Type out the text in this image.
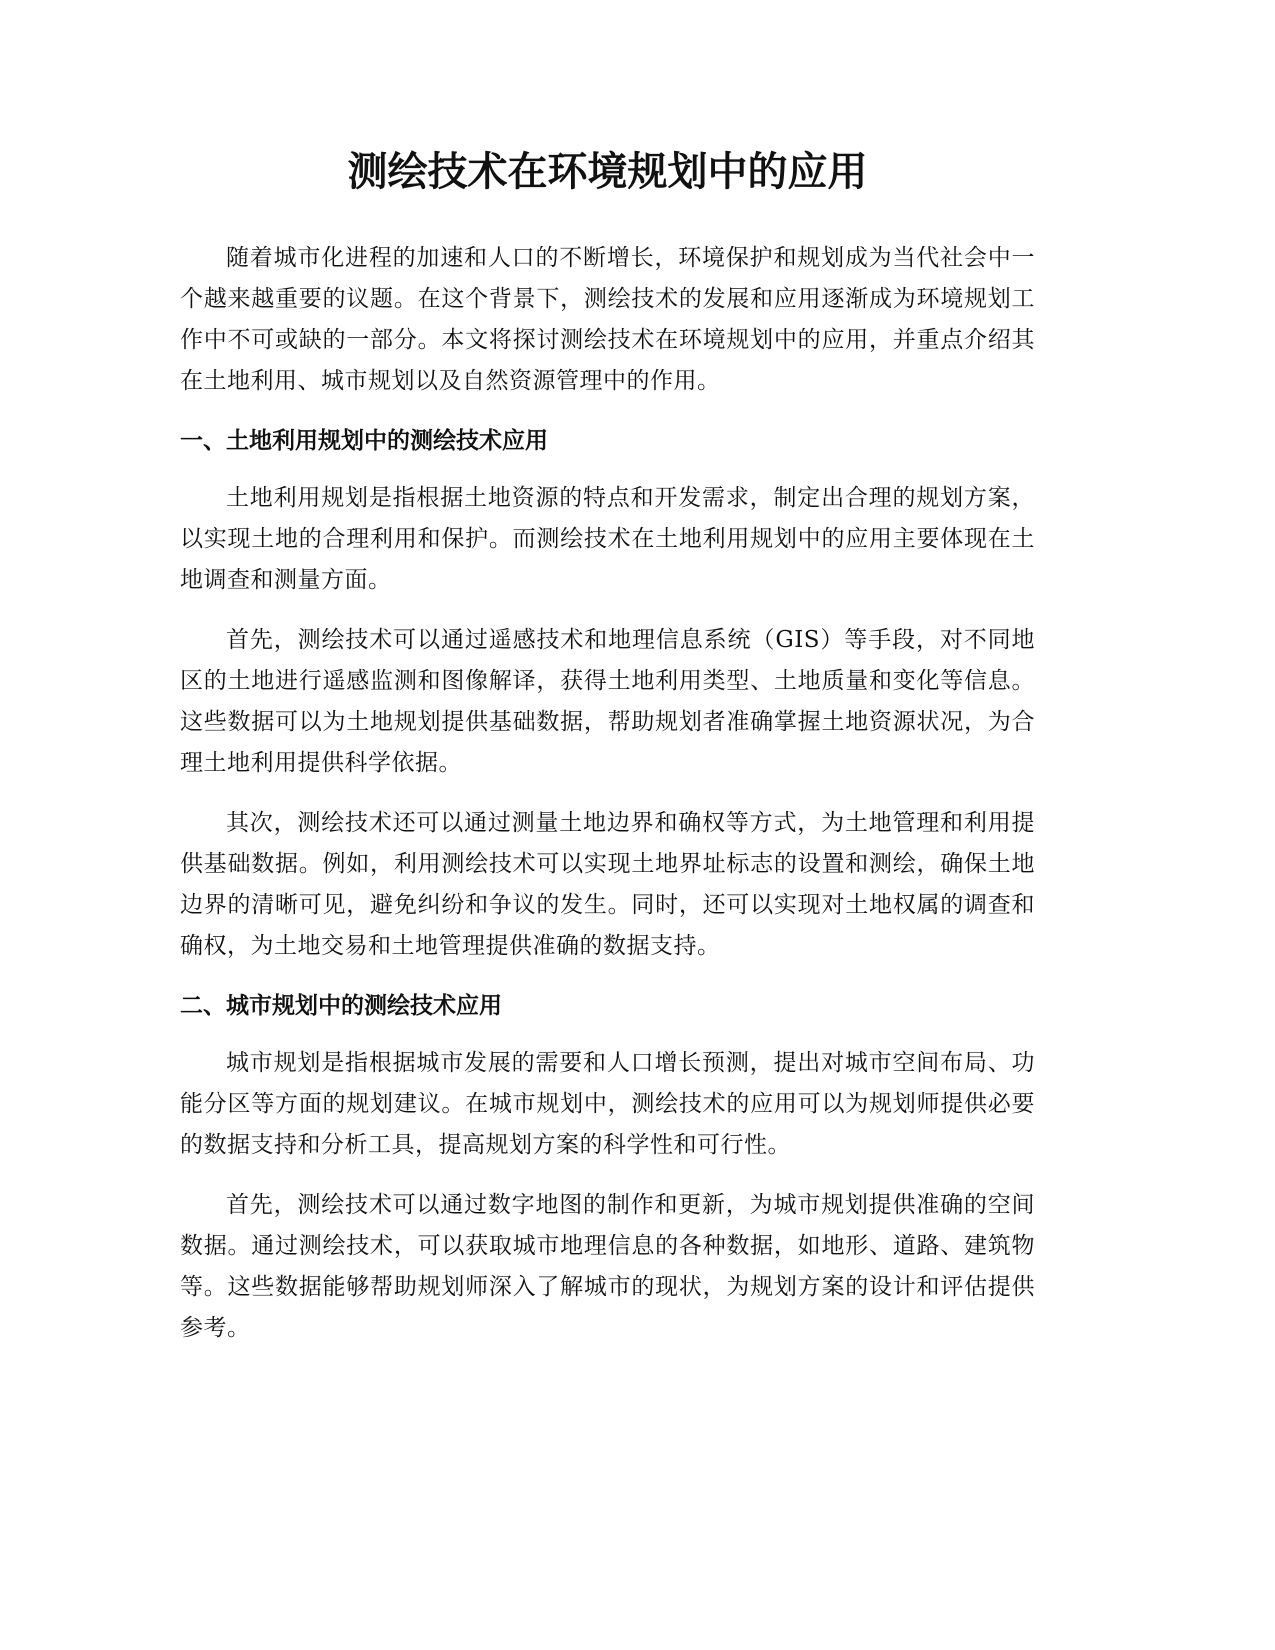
测绘技术在环境规划中的应用

随着城市化进程的加速和人口的不断增长，环境保护和规划成为当代社会中一个越来越重要的议题。在这个背景下，测绘技术的发展和应用逐渐成为环境规划工作中不可或缺的一部分。本文将探讨测绘技术在环境规划中的应用，并重点介绍其在土地利用、城市规划以及自然资源管理中的作用。

一、土地利用规划中的测绘技术应用

土地利用规划是指根据土地资源的特点和开发需求，制定出合理的规划方案，以实现土地的合理利用和保护。而测绘技术在土地利用规划中的应用主要体现在土地调查和测量方面。

首先，测绘技术可以通过遥感技术和地理信息系统（GIS）等手段，对不同地区的土地进行遥感监测和图像解译，获得土地利用类型、土地质量和变化等信息。这些数据可以为土地规划提供基础数据，帮助规划者准确掌握土地资源状况，为合理土地利用提供科学依据。

其次，测绘技术还可以通过测量土地边界和确权等方式，为土地管理和利用提供基础数据。例如，利用测绘技术可以实现土地界址标志的设置和测绘，确保土地边界的清晰可见，避免纠纷和争议的发生。同时，还可以实现对土地权属的调查和确权，为土地交易和土地管理提供准确的数据支持。

二、城市规划中的测绘技术应用

城市规划是指根据城市发展的需要和人口增长预测，提出对城市空间布局、功能分区等方面的规划建议。在城市规划中，测绘技术的应用可以为规划师提供必要的数据支持和分析工具，提高规划方案的科学性和可行性。

首先，测绘技术可以通过数字地图的制作和更新，为城市规划提供准确的空间数据。通过测绘技术，可以获取城市地理信息的各种数据，如地形、道路、建筑物等。这些数据能够帮助规划师深入了解城市的现状，为规划方案的设计和评估提供参考。
